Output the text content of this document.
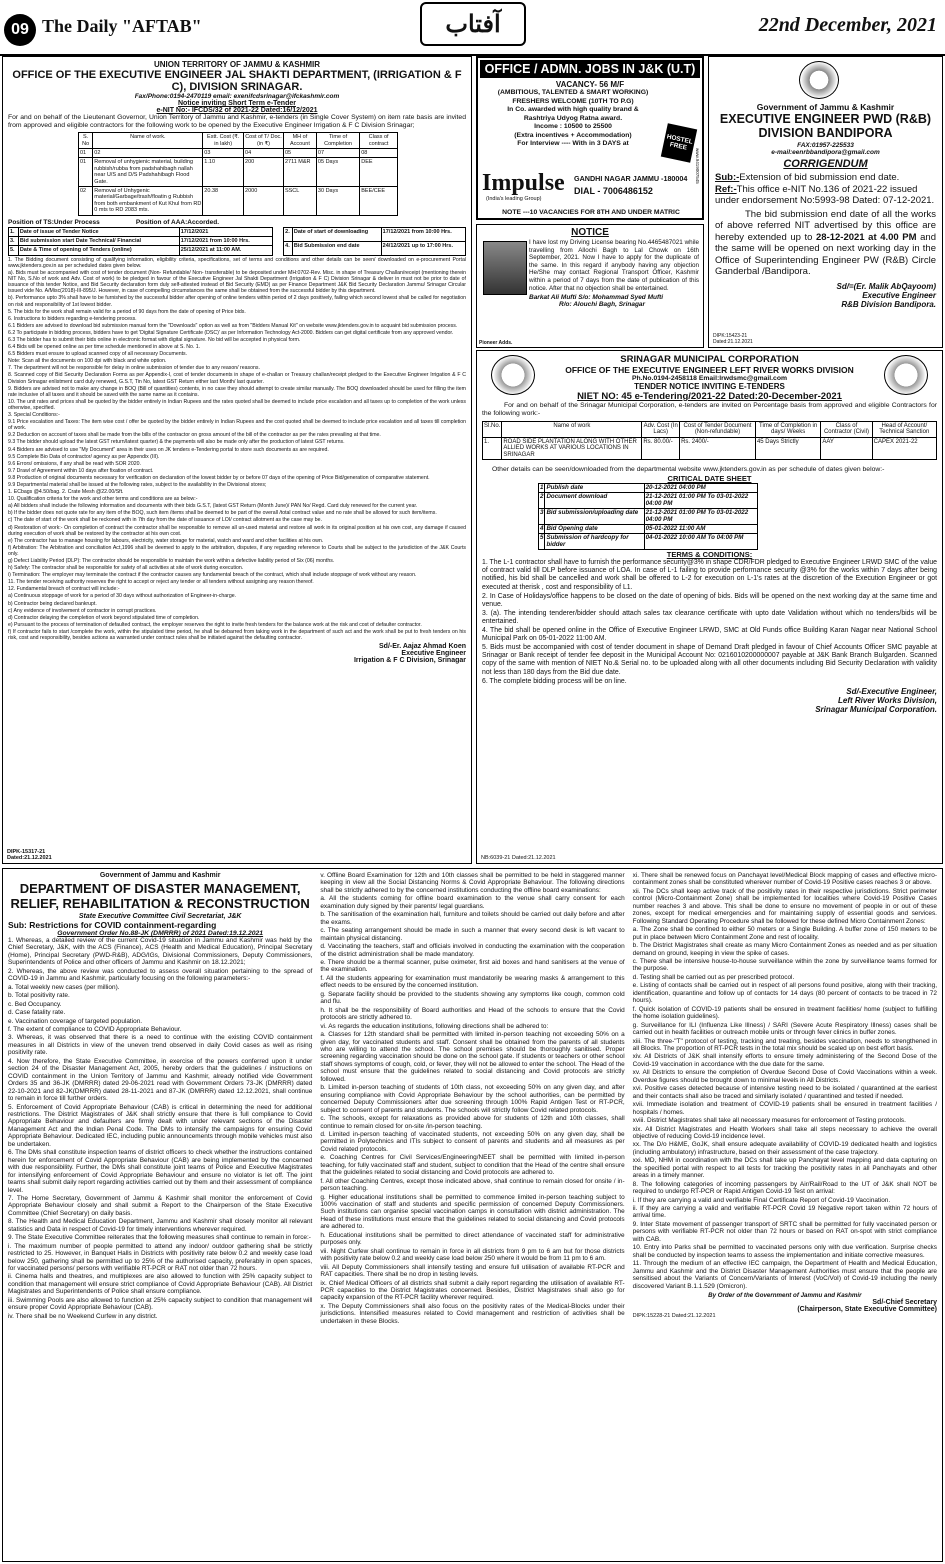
09 The Daily "AFTAB"	آفتاب	22nd December, 2021
UNION TERRITORY OF JAMMU & KASHMIR
OFFICE OF THE EXECUTIVE ENGINEER JAL SHAKTI DEPARTMENT, (IRRIGATION & F C), DIVISION SRINAGAR.
Fax/Phone:0194-2470119 email: exenifcdsrinagar@ifckashmir.com
Notice inviting Short Term e-Tender
e-NIT No:- IFCDS/32 of 2021-22 Dated:16/12/2021
For and on behalf of the Lieutenant Governor, Union Territory of Jammu and Kashmir, e-tenders (in Single Cover System) on item rate basis are invited from approved and eligible contractors for the following work to be opened by the Executive Engineer Irrigation & F C Division Srinagar;
S. No	Name of work.	Estt. Cost (₹. in lakh)	Cost of T/ Doc. (in ₹)	MH of Account	Time of Completion	Class of contract
01	02	03	04	05	07	08
01	Removal of unhygienic material, building rubbish/rubba from padshahibagh nallah near U/S and D/S Padshahibagh Flood Gate.	1.10	200	2711 M&R	05 Days	DEE
02	Removal of Unhygenic material/Garbage/trash/floatin g Rubbish from both embankment of Kut Khul from RD 0 mts to RD 2083 mts.	20.38	2000	SSCL	30 Days	BEE/CEE
Position of TS:Under Process                    Position of AAA:Accorded.
1.	Date of issue of Tender Notice	17/12/2021
3.	Bid submission start Date Technical/ Financial	17/12/2021 from 10:00 Hrs.
5.	Date & Time of opening of Tenders (online)	25/12/2021 at 11:00 AM.
2.	Date of start of downloading	17/12/2021 from 10:00 Hrs.
4.	Bid Submission end date	24/12/2021 up to 17:00 Hrs.

1. The Bidding document consisting of qualifying information, eligibility criteria, specifications, set of terms and conditions and other details can be seen/ downloaded on e-procurement Portal www.jktenders.gov.in as per scheduled dates given below.

a). Bids must be accompanied with cost of tender document (Non- Refundable/ Non- transferable) to be deposited under MH:0702-Rev. Misc. in shape of Treasury Challan/receipt (mentioning therein NIT No, S.No of work and Adv. Cost of work) to be pledged in favour of the Executive Engineer Jal Shakti Department (Irrigation & F C) Division Srinagar & deliver in must not be prior to date of issuance of this tender Notice, and Bid Security declaration form duly self-attested instead of Bid Security (EMD) as per Finance Department J&K Bid Security Declaration Jammu/ Srinagar Circular issued vide No. A/Misc(2018)-III-895/J. However, in case of compelling circumstances the same shall be obtained from the successful bidder by this department.

b). Performance upto 3% shall have to be furnished by the successful bidder after opening of online tenders within period of 2 days positively, failing which second lowest shall be called for negotiation on risk and responsibility of 1st lowest bidder.

5. The bids for the work shall remain valid for a period of 90 days from the date of opening of Price bids.

6. Instructions to bidders regarding e-tendering process.

6.1 Bidders are advised to download bid submission manual form the "Downloads" option as well as from "Bidders Manual Kit" on website www.jktenders.gov.in to acquaint bid submission process.

6.2 To participate in bidding process, bidders have to get 'Digital Signature Certificate (DSC)' as per Information Technology Act-2000. Bidders can get digital certificate from any approved vendor.

6.3 The bidder has to submit their bids online in electronic format with digital signature. No bid will be accepted in physical form.

6.4 Bids will be opened online as per time schedule mentioned in above at S. No. 1.

6.5 Bidders must ensure to upload scanned copy of all necessary Documents.

Note: Scan all the documents on 100 dpi with black and white option.

7. The department will not be responsible for delay in online submission of tender due to any reason/ reasons.

8. Scanned copy of Bid Security Declaration Forms as per Appendix-I, cost of tender documents in shape of e-challan or Treasury challan/receipt pledged to the Executive Engineer Irrigation & F C Division Srinagar enlistment card duly renewed, G.S.T, Tin No, latest GST Return either last Month/ last quarter.

9. Bidders are advised not to make any change in BOQ (Bill of quantities) contents, in no case they should attempt to create similar manually. The BOQ downloaded should be used for filling the item rate inclusive of all taxes and it should be saved with the same name as it contains.

10. The unit rates and prices shall be quoted by the bidder entirely in Indian Rupees and the rates quoted shall be deemed to include price escalation and all taxes up to completion of the work unless otherwise, specified.

3. Special Conditions:-

9.1 Price escalation and Taxes: The item wise cost / offer be quoted by the bidder entirely in Indian Rupees and the cost quoted shall be deemed to include price escalation and all taxes till completion of work.

9.2 Deduction on account of taxes shall be made from the bills of the contractor on gross amount of the bill of the contractor as per the rates prevailing at that time.

9.3 The bidder should upload the latest GST return/latest quarter) & the payments will also be made only after the production of latest GST returns.

9.4 Bidders are advised to use "My Document" area in their uses on JK tenders e-Tendering portal to store such documents as are required.

9.5 Complete Bio Data of contractor/ agency as per Appendix (III).

9.6 Errors/ omissions, if any shall be read with SOR 2020.

9.7 Drawl of Agreement within 10 days after fixation of contract.

9.8 Production of original documents necessary for verification on declaration of the lowest bidder by or before 07 days of the opening of Price Bid/generation of comparative statement.

9.9 Departmental material shall be issued at the following rates, subject to the availability in the Divisional stores;

1. ECbags @4.50/bag. 2. Crate Mesh @22.00/Sft.

10. Qualification criteria for the work and other terms and conditions are as below:-

a) All bidders shall include the following information and documents with their bids G.S.T, (latest GST Return (Month June)/ PAN No/ Regd. Card duly renewed for the current year.

b) If the bidder does not quote rate for any item of the BOQ, such item /items shall be deemed to be part of the overall /total contract value and no rate shall be allowed for such item/items.

c) The date of start of the work shall be reckoned with in 7th day from the date of issuance of LOI/ contract allotment as the case may be.

d) Restoration of work:- On completion of contract the contractor shall be responsible to remove all un-used material and restore all work in its original position at his own cost, any damage if caused during execution of work shall be restored by the contractor at his own cost.

e) The contractor has to manage housing for labours, electricity, water storage for material, watch and ward and other facilities at his own.

f) Arbitration: The Arbitration and conciliation Act,1996 shall be deemed to apply to the arbitration, disputes, if any regarding reference to Courts shall be subject to the jurisdiction of the J&K Courts only.

g) Defect Liability Period (DLP): The contractor should be responsible to maintain the work within a defective liability period of Six (06) months.

h) Safety: The contractor shall be responsible for safety of all activities at site of work during execution.

i) Termination: The employer may terminate the contract if the contractor causes any fundamental breach of the contract, which shall include stoppage of work without any reason.

11. The tender receiving authority reserves the right to accept or reject any tender or all tenders without assigning any reason thereof.

12. Fundamental breach of contract will include:-

a) Continuous stoppage of work for a period of 30 days without authorization of Engineer-in-charge.

b) Contractor being declared bankrupt.

c) Any evidence of involvement of contractor in corrupt practices.

d) Contractor delaying the completion of work beyond stipulated time of completion.

e) Pursuant to the process of termination of defaulted contract, the employer reserves the right to invite fresh tenders for the balance work at the risk and cost of defaulter contractor.

f) If contractor fails to start /complete the work, within the stipulated time period, he shall be debarred from taking work in the department of such act and the work shall be put to fresh tenders on his risk, cost and responsibility, besides actions as warranted under contract rules shall be initiated against the defaulting contractor.

Sd/-Er. Aajaz Ahmad Koen
Executive Engineer
Irrigation & F C Division, Srinagar
DIPK-15317-21
Dated:21.12.2021
OFFICE / ADMN. JOBS IN J&K (U.T)
VACANCY- 56 M/F
(AMBITIOUS, TALENTED & SMART WORKING)
FRESHERS WELCOME (10TH TO P.G)
In Co. awarded with high quality brand &
Rashtriya Udyog Ratna award.
Income : 10500 to 25500
(Extra incentives + Accommodation)
For Interview ---- With in 3 DAYS at	HOSTEL FREE
Impulse
(India's leading Group)
GANDHI NAGAR JAMMU -180004
DIAL - 7006486152
NOTE ---10 VACANCIES FOR 8TH AND UNDER MATRIC
www.9419007545
NOTICE
I have lost my Driving License bearing No.4465487021 while travelling from Allochi Bagh to Lal Chowk on 16th September, 2021. Now I have to apply for the duplicate of the same. In this regard if anybody having any objection He/She may contact Regional Transport Officer, Kashmir within a period of 7 days from the date of publication of this notice. After that no objection shall be entertained.
Barkat Ali Mufti S/o: Mohammad Syed Mufti
R/o: Alouchi Bagh, Srinagar
Pioneer Adds.
Government of Jammu & Kashmir
EXECUTIVE ENGINEER PWD (R&B) DIVISION BANDIPORA
FAX:01957-225533
e-mail:eenrbbandipora@gmail.com
CORRIGENDUM
Sub:-Extension of bid submission end date.
Ref:-This office e-NIT No.136 of 2021-22 issued under endorsement No:5993-98 Dated: 07-12-2021.
The bid submission end date of all the works of above referred NIT advertised by this office are hereby extended up to 28-12-2021 at 4.00 PM and the same will be opened on next working day in the Office of Superintending Engineer PW (R&B) Circle Ganderbal /Bandipora.
Sd/=(Er. Malik AbQayoom)
Executive Engineer
R&B Division Bandipora.
DIPK:15423-21
Dated:21.12.2021
SRINAGAR MUNICIPAL CORPORATION
OFFICE OF THE EXECUTIVE ENGINEER LEFT RIVER WORKS DIVISION
Ph.No.0194-2458118 Email:lrwdsmc@gmail.com
TENDER NOTICE INVITING E-TENDERS
NIET NO: 45 e-Tendering/2021-22 Dated:20-December-2021
For and on behalf of the Srinagar Municipal Corporation, e-tenders are invited on Percentage basis from approved and eligible Contractors for the following work:-
Sl.No.	Name of work	Adv. Cost (In Lacs)	Cost of Tender Document (Non-refundable)	Time of Completion in days/ Weeks	Class of Contractor (Civil)	Head of Account/ Technical Sanction
1.	ROAD SIDE PLANTATION ALONG WITH OTHER ALLIED WORKS AT VARIOUS LOCATIONS IN SRINAGAR	Rs. 80.00/-	Rs. 2400/-	45 Days Strictly	AAY	CAPEX 2021-22
Other details can be seen/downloaded from the departmental website www.jktenders.gov.in as per schedule of dates given below:-
CRITICAL DATE SHEET
1	Publish date	20-12-2021 04:00 PM
2	Document download	21-12-2021 01:00 PM To 03-01-2022 04:00 PM
3	Bid submission/uploading date	21-12-2021 01:00 PM To 03-01-2022 04:00 PM
4	Bid Opening date	05-01-2022 11:00 AM
5	Submission of hardcopy for bidder	04-01-2022 10:00 AM To 04:00 PM
TERMS & CONDITIONS:

1. The L-1 contractor shall have to furnish the performance security@3% in shape CDR/FDR pledged to Executive Engineer LRWD SMC of the value of contract valid till DLP before issuance of LOA. In case of L-1 failing to provide performance security @3% for the works within 7 days after being notified, his bid shall be cancelled and work shall be offered to L-2 for execution on L-1's rates at the discretion of the Execution Engineer or got executed at therisk , cost and responsibility of L1.

2. In Case of Holidays/office happens to be closed on the date of opening of bids. Bids will be opened on the next working day at the same time and venue.

3. (a). The intending tenderer/bidder should attach sales tax clearance certificate with upto date Validation without which no tenders/bids will be entertained.

4. The bid shall be opened online in the Office of Executive Engineer LRWD, SMC at Old Funds office Building Karan Nagar near National School Municipal Park on 05-01-2022 11:00 AM.

5. Bids must be accompanied with cost of tender document in shape of Demand Draft pledged in favour of Chief Accounts Officer SMC payable at Srinagar or Bank receipt of tender fee deposit in the Municipal Account No: 0216010200000007 payable at J&K Bank Branch Bulgarden. Scanned copy of the same with mention of NIET No.& Serial no. to be uploaded along with all other documents including Bid Security Declaration with validity not less than 180 days from the Bid due date.

6. The complete bidding process will be on line.

Sd/-Executive Engineer,
Left River Works Division,
Srinagar Municipal Corporation.
NB:6039-21 Dated:21.12.2021
Government of Jammu and Kashmir
DEPARTMENT OF DISASTER MANAGEMENT, RELIEF, REHABILITATION & RECONSTRUCTION
State Executive Committee Civil Secretariat, J&K
Sub: Restrictions for COVID containment-regarding
Government Order No.88-JK (DMRRR) of 2021 Dated:19.12.2021

1. Whereas, a detailed review of the current Covid-19 situation in Jammu and Kashmir was held by the Chief Secretary, J&K, with the ACS (Finance), ACS (Health and Medical Education), Principal Secretary (Home), Principal Secretary (PWD-R&B), ADG/IGs, Divisional Commissioners, Deputy Commissioners, Superintendents of Police and other officers of Jammu and Kashmir on 18.12.2021;

2. Whereas, the above review was conducted to assess overall situation pertaining to the spread of COVID-19 in Jammu and Kashmir, particularly focusing on the following parameters:-

a. Total weekly new cases (per million).

b. Total positivity rate.

c. Bed Occupancy.

d. Case fatality rate.

e. Vaccination coverage of targeted population.

f. The extent of compliance to COVID Appropriate Behaviour.

3. Whereas, it was observed that there is a need to continue with the existing COVID containment measures in all Districts in view of the uneven trend observed in daily Covid cases as well as rising positivity rate.

4. Now therefore, the State Executive Committee, in exercise of the powers conferred upon it under section 24 of the Disaster Management Act, 2005, hereby orders that the guidelines / instructions on COVID containment in the Union Territory of Jammu and Kashmir, already notified vide Government Orders 35 and 36-JK (DMRRR) dated 29-06-2021 read with Government Orders 73-JK (DMRRR) dated 22-10-2021 and 82-JK(DMRRR) dated 28-11-2021 and 87-JK (DMRRR) dated 12.12.2021, shall continue to remain in force till further orders.

5. Enforcement of Covid Appropriate Behaviour (CAB) is critical in determining the need for additional restrictions. The District Magistrates of J&K shall strictly ensure that there is full compliance to Covid Appropriate Behaviour and defaulters are firmly dealt with under relevant sections of the Disaster Management Act and the Indian Penal Code. The DMs to intensify the campaigns for ensuring Covid Appropriate Behaviour. Dedicated IEC, including public announcements through mobile vehicles must also be undertaken.

6. The DMs shall constitute inspection teams of district officers to check whether the instructions contained herein for enforcement of Covid Appropriate Behaviour (CAB) are being implemented by the concerned with due responsibility. Further, the DMs shall constitute joint teams of Police and Executive Magistrates for intensifying enforcement of Covid Appropriate Behaviour and ensure no violator is let off. The joint teams shall submit daily report regarding activities carried out by them and their assessment of compliance level.

7. The Home Secretary, Government of Jammu & Kashmir shall monitor the enforcement of Covid Appropriate Behaviour closely and shall submit a Report to the Chairperson of the State Executive Committee (Chief Secretary) on daily basis.

8. The Health and Medical Education Department, Jammu and Kashmir shall closely monitor all relevant statistics and Data in respect of Covid-19 for timely interventions wherever required.

9. The State Executive Committee reiterates that the following measures shall continue to remain in force:-

i. The maximum number of people permitted to attend any indoor/ outdoor gathering shall be strictly restricted to 25. However, in Banquet Halls in Districts with positivity rate below 0.2 and weekly case load below 250, gathering shall be permitted up to 25% of the authorised capacity, preferably in open spaces, for vaccinated persons/ persons with verifiable RT-PCR or RAT not older than 72 hours.

ii. Cinema halls and theatres, and multiplexes are also allowed to function with 25% capacity subject to condition that management will ensure strict compliance of Covid Appropriate Behaviour (CAB). All District Magistrates and Superintendents of Police shall ensure compliance.

iii. Swimming Pools are also allowed to function at 25% capacity subject to condition that management will ensure proper Covid Appropriate Behaviour (CAB).

iv. There shall be no Weekend Curfew in any district.

v. Offline Board Examination for 12th and 10th classes shall be permitted to be held in staggered manner keeping in view all the Social Distancing Norms & Covid Appropriate Behaviour. The following directions shall be strictly adhered to by the concerned institutions conducting the offline board examinations:

a. All the students coming for offline board examination to the venue shall carry consent for each examination duly signed by their parents/ legal guardians.

b. The sanitisation of the examination hall, furniture and toilets should be carried out daily before and after the exams.

c. The seating arrangement should be made in such a manner that every second desk is left vacant to maintain physical distancing.

d. Vaccinating the teachers, staff and officials involved in conducting the examination with the cooperation of the district administration shall be made mandatory.

e. There should be a thermal scanner, pulse oximeter, first aid boxes and hand sanitisers at the venue of the examination.

f. All the students appearing for examination must mandatorily be wearing masks & arrangement to this effect needs to be ensured by the concerned institution.

g. Separate facility should be provided to the students showing any symptoms like cough, common cold and flu.

h. It shall be the responsibility of Board authorities and Head of the schools to ensure that the Covid protocols are strictly adhered to.

vi. As regards the education institutions, following directions shall be adhered to:

a. Classes for 12th standard shall be permitted with limited in-person teaching not exceeding 50% on a given day, for vaccinated students and staff. Consent shall be obtained from the parents of all students who are willing to attend the school. The school premises should be thoroughly sanitised. Proper screening regarding vaccination should be done on the school gate. If students or teachers or other school staff shows symptoms of cough, cold, or fever, they will not be allowed to enter the school. The Head of the school must ensure that the guidelines related to social distancing and Covid protocols are strictly followed.

b. Limited in-person teaching of students of 10th class, not exceeding 50% on any given day, and after ensuring compliance with Covid Appropriate Behaviour by the school authorities, can be permitted by concerned Deputy Commissioners after due screening through 100% Rapid Antigen Test or RT-PCR, subject to consent of parents and students. The schools will strictly follow Covid related protocols.

c. The schools, except for relaxations as provided above for students of 12th and 10th classes, shall continue to remain closed for on-site /in-person teaching.

d. Limited in-person teaching of vaccinated students, not exceeding 50% on any given day, shall be permitted in Polytechnics and ITIs subject to consent of parents and students and all measures as per Covid related protocols.

e. Coaching Centres for Civil Services/Engineering/NEET shall be permitted with limited in-person teaching, for fully vaccinated staff and student, subject to condition that the Head of the centre shall ensure that the guidelines related to social distancing and Covid protocols are adhered to.

f. All other Coaching Centres, except those indicated above, shall continue to remain closed for onsite / in-person teaching.

g. Higher educational institutions shall be permitted to commence limited in-person teaching subject to 100% vaccination of staff and students and specific permission of concerned Deputy Commissioners. Such institutions can organise special vaccination camps in consultation with district administration. The Head of these institutions must ensure that the guidelines related to social distancing and Covid protocols are adhered to.

h. Educational institutions shall be permitted to direct attendance of vaccinated staff for administrative purposes only.

vii. Night Curfew shall continue to remain in force in all districts from 9 pm to 6 am but for those districts with positivity rate below 0.2 and weekly case load below 250 where it would be from 11 pm to 6 am.

viii. All Deputy Commissioners shall intensify testing and ensure full utilisation of available RT-PCR and RAT capacities. There shall be no drop in testing levels.

ix. Chief Medical Officers of all districts shall submit a daily report regarding the utilisation of available RT-PCR capacities to the District Magistrates concerned. Besides, District Magistrates shall also go for capacity expansion of the RT-PCR facility wherever required.

x. The Deputy Commissioners shall also focus on the positivity rates of the Medical-Blocks under their jurisdictions. Intensified measures related to Covid management and restriction of activities shall be undertaken in these Blocks.

xi. There shall be renewed focus on Panchayat level/Medical Block mapping of cases and effective micro-containment zones shall be constituted wherever number of Covid-19 Positive cases reaches 3 or above.

xii. The DCs shall keep active track of the positivity rates in their respective jurisdictions. Strict perimeter control (Micro-Containment Zone) shall be implemented for localities where Covid-19 Positive Cases number reaches 3 and above. This shall be done to ensure no movement of people in or out of these zones, except for medical emergencies and for maintaining supply of essential goods and services. Following Standard Operating Procedure shall be followed for these defined Micro Containment Zones:

a. The Zone shall be confined to either 50 meters or a Single Building. A buffer zone of 150 meters to be put in place between Micro Containment Zone and rest of locality.

b. The District Magistrates shall create as many Micro Containment Zones as needed and as per situation demand on ground, keeping in view the spike of cases.

c. There shall be intensive house-to-house surveillance within the zone by surveillance teams formed for the purpose.

d. Testing shall be carried out as per prescribed protocol.

e. Listing of contacts shall be carried out in respect of all persons found positive, along with their tracking, identification, quarantine and follow up of contacts for 14 days (80 percent of contacts to be traced in 72 hours).

f. Quick isolation of COVID-19 patients shall be ensured in treatment facilities/ home (subject to fulfilling the home isolation guidelines).

g. Surveillance for ILI (Influenza Like Illness) / SARI (Severe Acute Respiratory Illness) cases shall be carried out in health facilities or outreach mobile units or through fever clinics in buffer zones.

xiii. The three-"T" protocol of testing, tracking and treating, besides vaccination, needs to strengthened in all Blocks. The proportion of RT-PCR tests in the total mix should be scaled up on best effort basis.

xiv. All Districts of J&K shall intensify efforts to ensure timely administering of the Second Dose of the Covid-19 vaccination in accordance with the due date for the same.

xv. All Districts to ensure the completion of Overdue Second Dose of Covid Vaccinations within a week. Overdue figures should be brought down to minimal levels in All Districts.

xvi. Positive cases detected because of intensive testing need to be isolated / quarantined at the earliest and their contacts shall also be traced and similarly isolated / quarantined and tested if needed.

xvii. Immediate isolation and treatment of COVID-19 patients shall be ensured in treatment facilities / hospitals / homes.

xviii. District Magistrates shall take all necessary measures for enforcement of Testing protocols.

xix. All District Magistrates and Health Workers shall take all steps necessary to achieve the overall objective of reducing Covid-19 incidence level.

xx. The D/o H&ME, GoJK, shall ensure adequate availability of COVID-19 dedicated health and logistics (including ambulatory) infrastructure, based on their assessment of the case trajectory.

xxi. MD, NHM in coordination with the DCs shall take up Panchayat level mapping and data capturing on the specified portal with respect to all tests for tracking the positivity rates in all Panchayats and other areas in a timely manner.

8. The following categories of incoming passengers by Air/Rail/Road to the UT of J&K shall NOT be required to undergo RT-PCR or Rapid Antigen Covid-19 Test on arrival:

i. If they are carrying a valid and verifiable Final Certificate Report of Covid-19 Vaccination.

ii. If they are carrying a valid and verifiable RT-PCR Covid 19 Negative report taken within 72 hours of arrival time.

9. Inter State movement of passenger transport of SRTC shall be permitted for fully vaccinated person or persons with verifiable RT-PCR not older than 72 hours or based on RAT on-spot with strict compliance with CAB.

10. Entry into Parks shall be permitted to vaccinated persons only with due verification. Surprise checks shall be conducted by inspection teams to assess the implementation and initiate corrective measures.

11. Through the medium of an effective IEC campaign, the Department of Health and Medical Education, Jammu and Kashmir and the District Disaster Management Authorities must ensure that the people are sensitised about the Variants of Concern/Variants of Interest (VoC/VoI) of Covid-19 including the newly discovered Variant B.1.1.529 (Omicron).

By Order of the Government of Jammu and Kashmir
Sd/-Chief Secretary
(Chairperson, State Executive Committee)
DIPK:15228-21 Dated:21.12.2021
